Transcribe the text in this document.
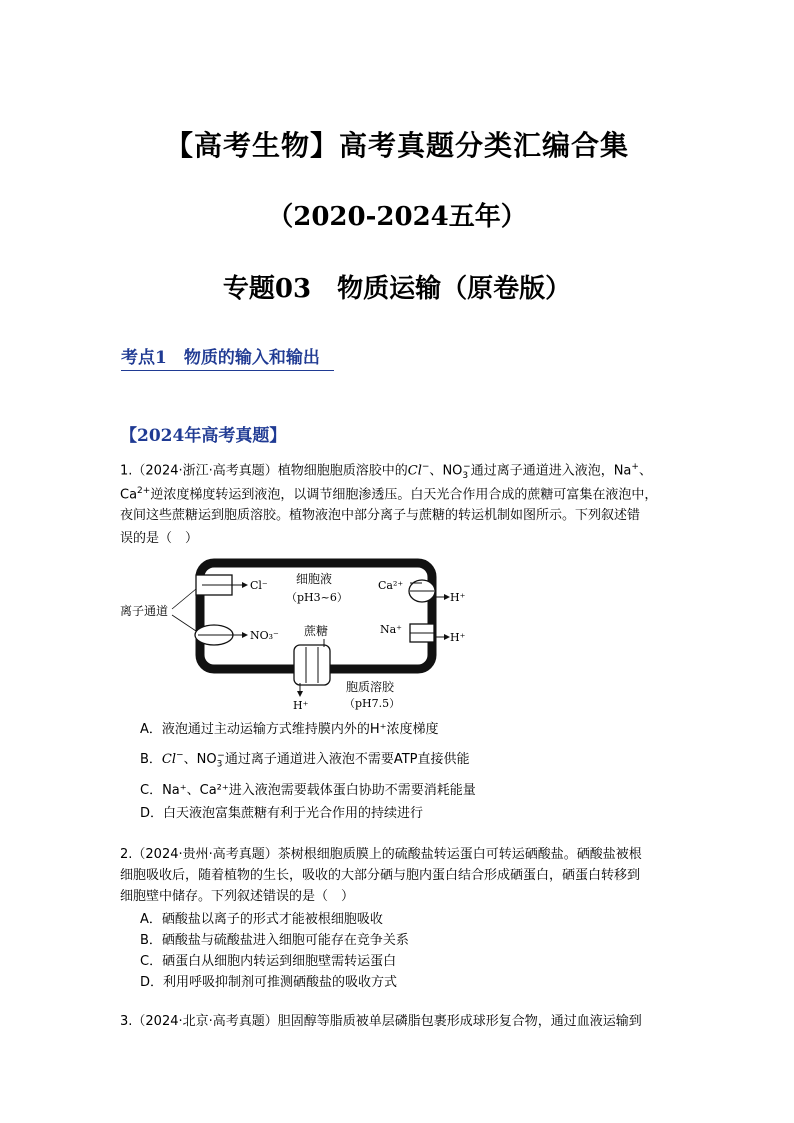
【高考生物】高考真题分类汇编合集
（2020-2024五年）
专题03　物质运输（原卷版）
考点1　物质的输入和输出
【2024年高考真题】
1.（2024·浙江·高考真题）植物细胞胞质溶胶中的Cl−、$NO_3^-$通过离子通道进入液泡，Na+、
$Ca^{2+}$逆浓度梯度转运到液泡，以调节细胞渗透压。白天光合作用合成的蔗糖可富集在液泡中，
夜间这些蔗糖运到胞质溶胶。植物液泡中部分离子与蔗糖的转运机制如图所示。下列叙述错
误的是（　）
Cl⁻
NO₃⁻
离子通道
细胞液
（pH3~6）
Ca²⁺
H⁺
Na⁺
H⁺
蔗糖
H⁺
胞质溶胶
（pH7.5）
A．液泡通过主动运输方式维持膜内外的H⁺浓度梯度
B．Cl−、$NO_3^-$通过离子通道进入液泡不需要ATP直接供能
C．Na⁺、Ca²⁺进入液泡需要载体蛋白协助不需要消耗能量
D．白天液泡富集蔗糖有利于光合作用的持续进行
2.（2024·贵州·高考真题）茶树根细胞质膜上的硫酸盐转运蛋白可转运硒酸盐。硒酸盐被根
细胞吸收后，随着植物的生长，吸收的大部分硒与胞内蛋白结合形成硒蛋白，硒蛋白转移到
细胞壁中储存。下列叙述错误的是（　）
A．硒酸盐以离子的形式才能被根细胞吸收
B．硒酸盐与硫酸盐进入细胞可能存在竞争关系
C．硒蛋白从细胞内转运到细胞壁需转运蛋白
D．利用呼吸抑制剂可推测硒酸盐的吸收方式
3.（2024·北京·高考真题）胆固醇等脂质被单层磷脂包裹形成球形复合物，通过血液运输到
